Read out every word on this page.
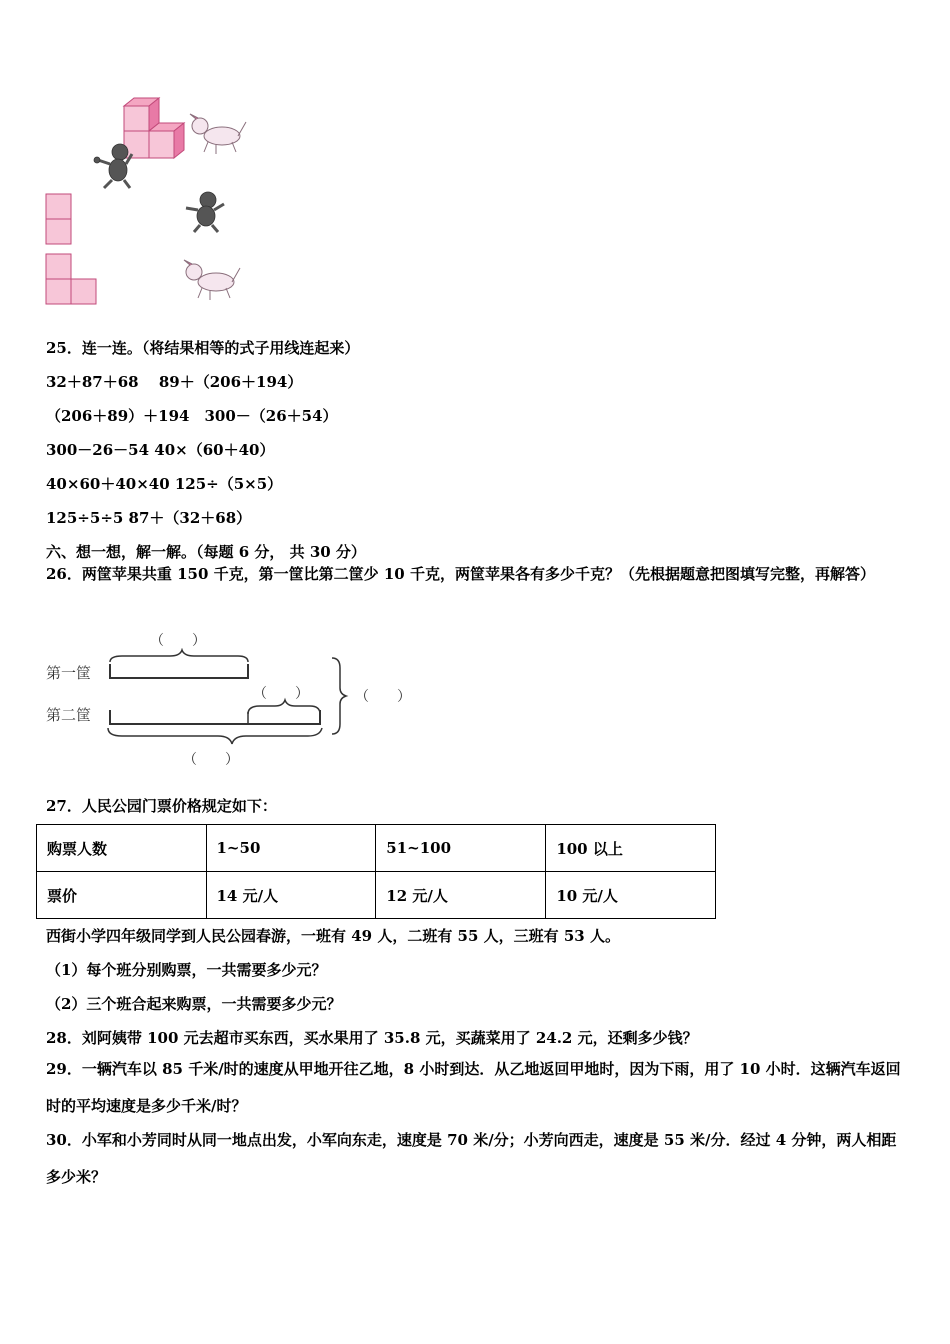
25．连一连。（将结果相等的式子用线连起来）
32＋87＋68　 89＋（206＋194）
（206＋89）＋194　300－（26＋54）
300－26－54 40×（60＋40）
40×60＋40×40 125÷（5×5）
125÷5÷5 87＋（32＋68）
六、想一想，解一解。（每题 6 分， 共 30 分）
26．两筐苹果共重 150 千克，第一筐比第二筐少 10 千克，两筐苹果各有多少千克？（先根据题意把图填写完整，再解答）
第一筐
第二筐
（　　）
（　　）	（　　）
（　　）
27．人民公园门票价格规定如下：
购票人数	1~50	51~100	100 以上
票价	14 元/人	12 元/人	10 元/人
西街小学四年级同学到人民公园春游，一班有 49 人，二班有 55 人，三班有 53 人。
（1）每个班分别购票，一共需要多少元？
（2）三个班合起来购票，一共需要多少元？
28．刘阿姨带 100 元去超市买东西，买水果用了 35.8 元，买蔬菜用了 24.2 元，还剩多少钱？
29．一辆汽车以 85 千米/时的速度从甲地开往乙地，8 小时到达．从乙地返回甲地时，因为下雨，用了 10 小时．这辆汽车返回时的平均速度是多少千米/时？
30．小军和小芳同时从同一地点出发，小军向东走，速度是 70 米/分；小芳向西走，速度是 55 米/分．经过 4 分钟，两人相距多少米？
